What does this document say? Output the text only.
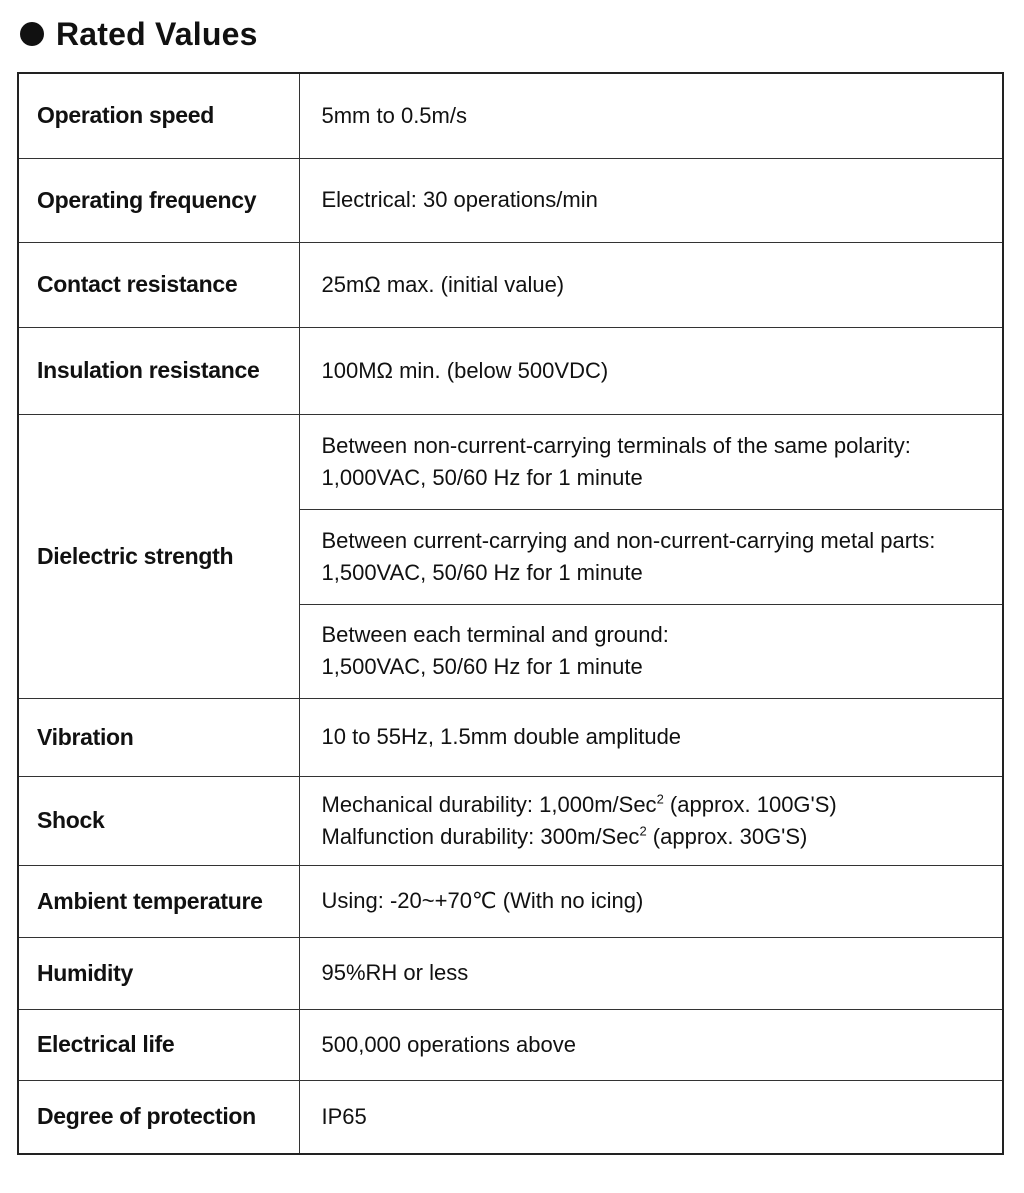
Rated Values
Operation speed	5mm to 0.5m/s
Operating frequency	Electrical: 30 operations/min
Contact resistance	25mΩ max. (initial value)
Insulation resistance	100MΩ min. (below 500VDC)
Dielectric strength	Between non-current-carrying terminals of the same polarity:
1,000VAC, 50/60 Hz for 1 minute

	Between current-carrying and non-current-carrying metal parts:
1,500VAC, 50/60 Hz for 1 minute

	Between each terminal and ground:
1,500VAC, 50/60 Hz for 1 minute

Vibration	10 to 55Hz, 1.5mm double amplitude
Shock	Mechanical durability: 1,000m/Sec$^2$ (approx. 100G'S)
Malfunction durability: 300m/Sec$^2$ (approx. 30G'S)

Ambient temperature	Using: -20~+70℃ (With no icing)
Humidity	95%RH or less
Electrical life	500,000 operations above
Degree of protection	IP65
